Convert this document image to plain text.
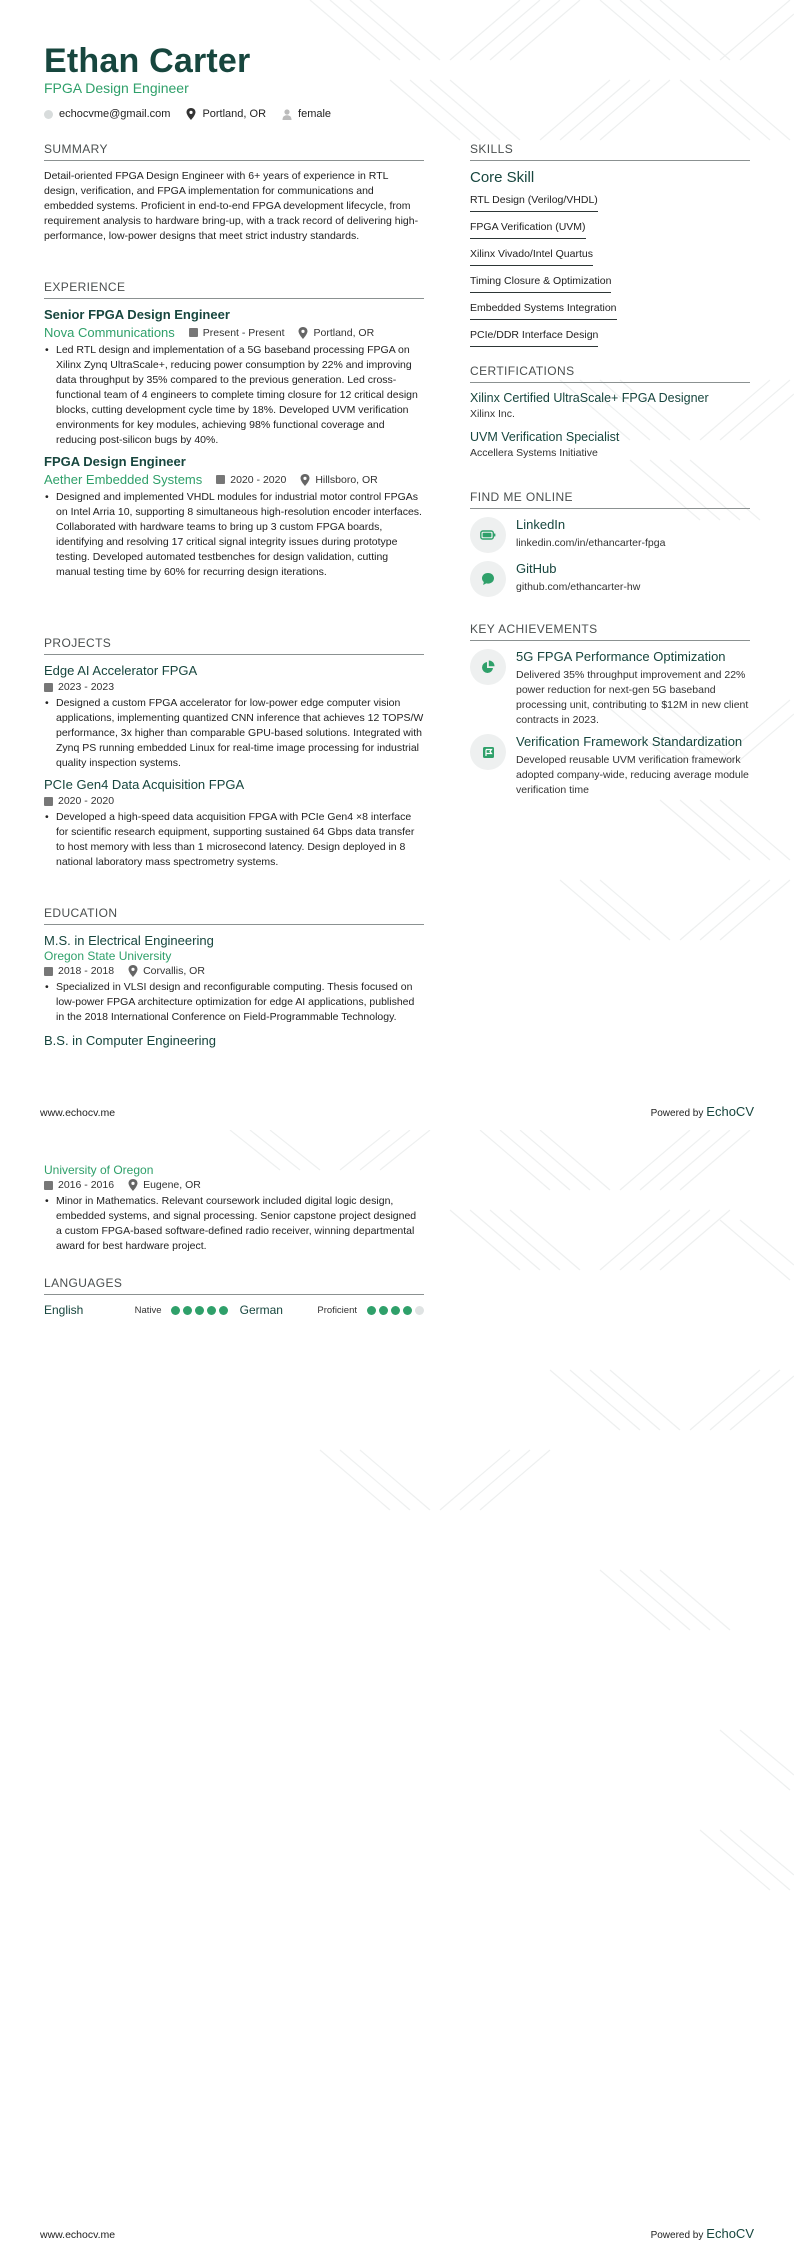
Ethan Carter
FPGA Design Engineer
echocvme@gmail.com	Portland, OR	female
SUMMARY
Detail-oriented FPGA Design Engineer with 6+ years of experience in RTL design, verification, and FPGA implementation for communications and embedded systems. Proficient in end-to-end FPGA development lifecycle, from requirement analysis to hardware bring-up, with a track record of delivering high-performance, low-power designs that meet strict industry standards.
EXPERIENCE
Senior FPGA Design Engineer
Nova Communications	Present - Present	Portland, OR
• Led RTL design and implementation of a 5G baseband processing FPGA on Xilinx Zynq UltraScale+, reducing power consumption by 22% and improving data throughput by 35% compared to the previous generation. Led cross-functional team of 4 engineers to complete timing closure for 12 critical design blocks, cutting development cycle time by 18%. Developed UVM verification environments for key modules, achieving 98% functional coverage and reducing post-silicon bugs by 40%.
FPGA Design Engineer
Aether Embedded Systems	2020 - 2020	Hillsboro, OR
• Designed and implemented VHDL modules for industrial motor control FPGAs on Intel Arria 10, supporting 8 simultaneous high-resolution encoder interfaces. Collaborated with hardware teams to bring up 3 custom FPGA boards, identifying and resolving 17 critical signal integrity issues during prototype testing. Developed automated testbenches for design validation, cutting manual testing time by 60% for recurring design iterations.
PROJECTS
Edge AI Accelerator FPGA
2023 - 2023
• Designed a custom FPGA accelerator for low-power edge computer vision applications, implementing quantized CNN inference that achieves 12 TOPS/W performance, 3x higher than comparable GPU-based solutions. Integrated with Zynq PS running embedded Linux for real-time image processing for industrial quality inspection systems.
PCIe Gen4 Data Acquisition FPGA
2020 - 2020
• Developed a high-speed data acquisition FPGA with PCIe Gen4 ×8 interface for scientific research equipment, supporting sustained 64 Gbps data transfer to host memory with less than 1 microsecond latency. Design deployed in 8 national laboratory mass spectrometry systems.
EDUCATION
M.S. in Electrical Engineering
Oregon State University
2018 - 2018	Corvallis, OR
• Specialized in VLSI design and reconfigurable computing. Thesis focused on low-power FPGA architecture optimization for edge AI applications, published in the 2018 International Conference on Field-Programmable Technology.
B.S. in Computer Engineering
SKILLS
Core Skill
RTL Design (Verilog/VHDL)
FPGA Verification (UVM)
Xilinx Vivado/Intel Quartus
Timing Closure & Optimization
Embedded Systems Integration
PCIe/DDR Interface Design
CERTIFICATIONS
Xilinx Certified UltraScale+ FPGA Designer
Xilinx Inc.
UVM Verification Specialist
Accellera Systems Initiative
FIND ME ONLINE
LinkedIn
linkedin.com/in/ethancarter-fpga
GitHub
github.com/ethancarter-hw
KEY ACHIEVEMENTS
5G FPGA Performance Optimization
Delivered 35% throughput improvement and 22% power reduction for next-gen 5G baseband processing unit, contributing to $12M in new client contracts in 2023.
Verification Framework Standardization
Developed reusable UVM verification framework adopted company-wide, reducing average module verification time
www.echocv.me	Powered by EchoCV
University of Oregon
2016 - 2016	Eugene, OR
• Minor in Mathematics. Relevant coursework included digital logic design, embedded systems, and signal processing. Senior capstone project designed a custom FPGA-based software-defined radio receiver, winning departmental award for best hardware project.
LANGUAGES
English	Native	German	Proficient
www.echocv.me	Powered by EchoCV
